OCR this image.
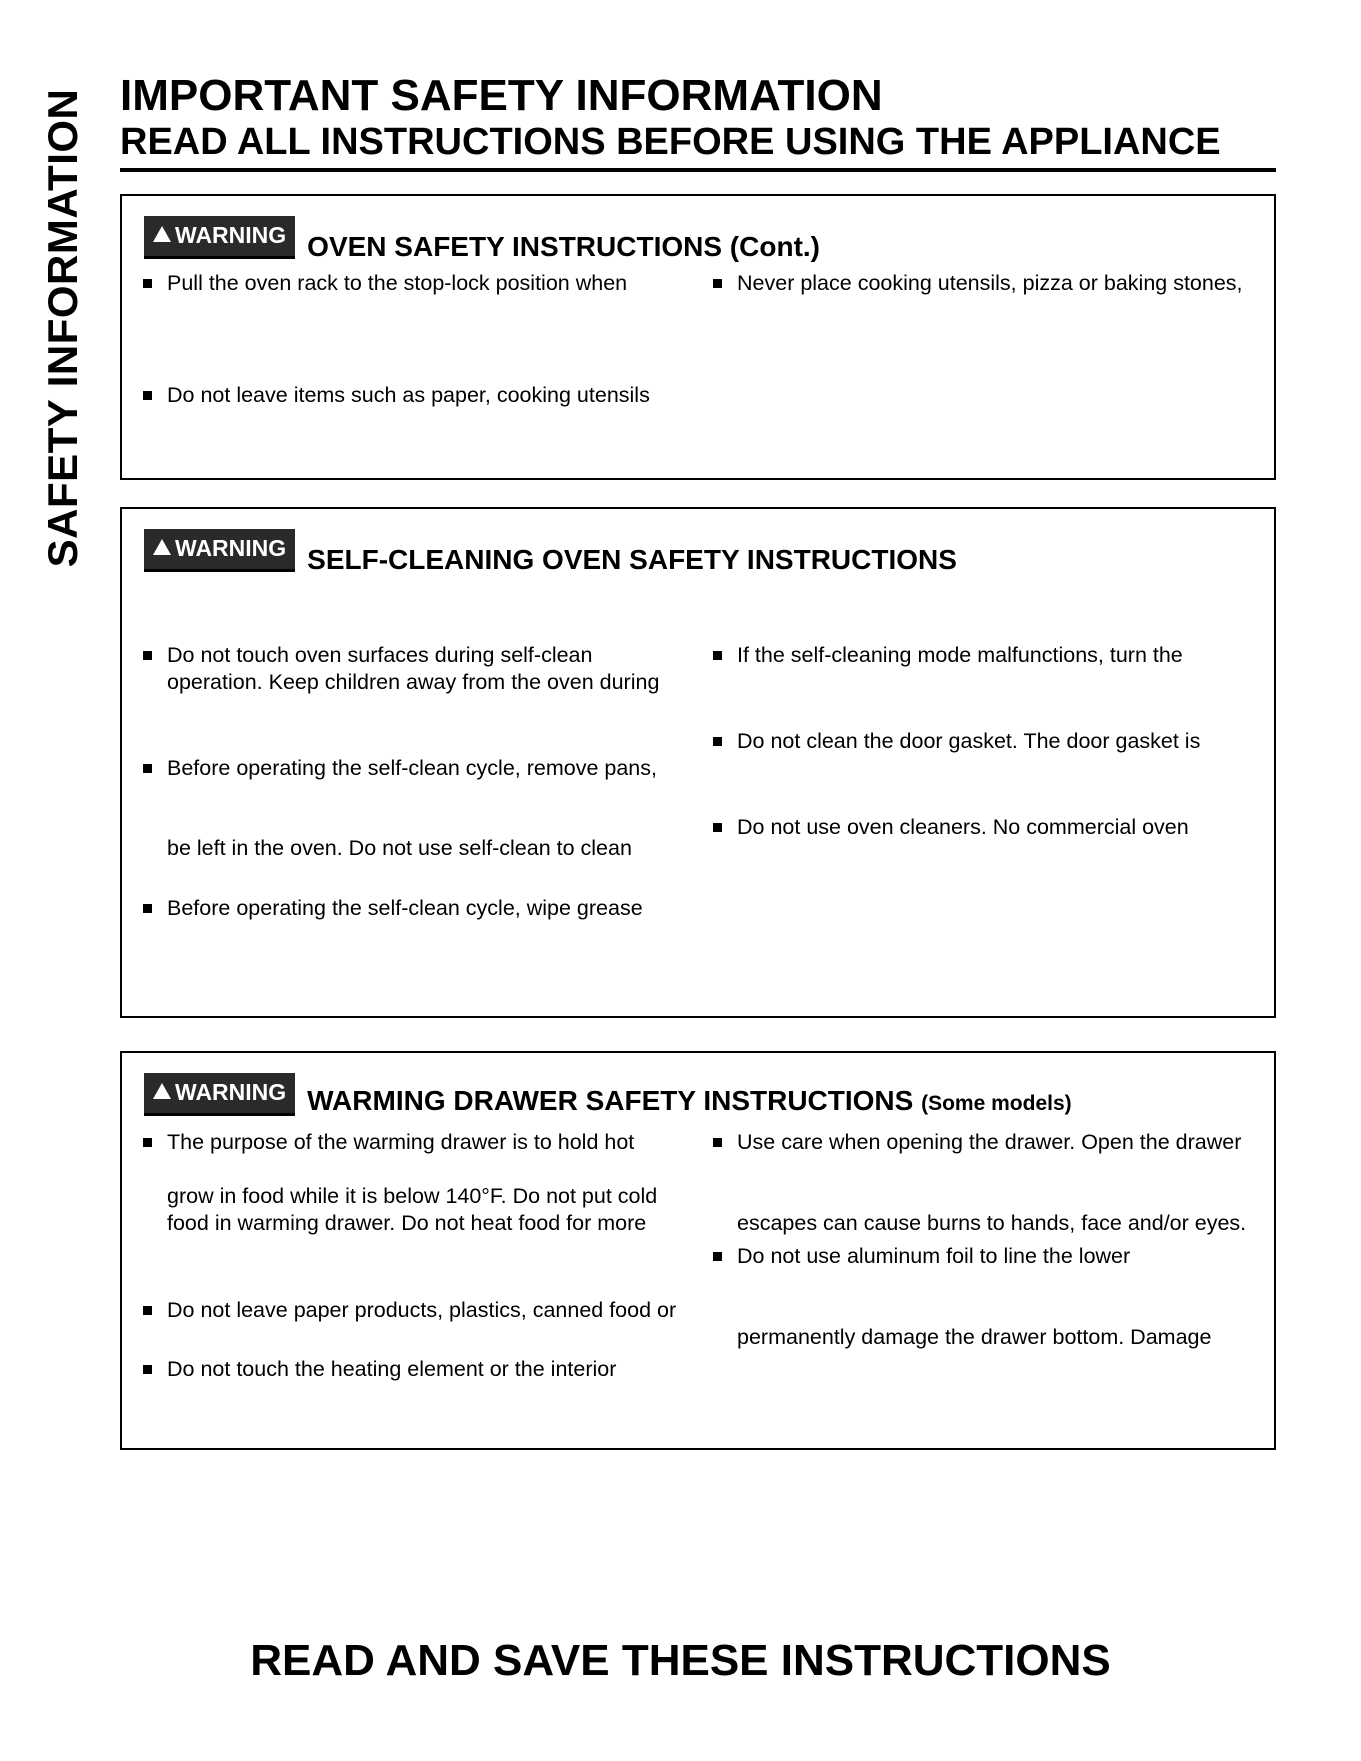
SAFETY INFORMATION IMPORTANT SAFETY INFORMATION

READ ALL INSTRUCTIONS BEFORE USING THE APPLIANCE

WARNING OVEN SAFETY INSTRUCTIONS (Cont.)
Pull the oven rack to the stop-lock position when
Do not leave items such as paper, cooking utensils
Never place cooking utensils, pizza or baking stones,
WARNING SELF-CLEANING OVEN SAFETY INSTRUCTIONS
Do not touch oven surfaces during self-clean
operation. Keep children away from the oven during
Before operating the self-clean cycle, remove pans,
be left in the oven. Do not use self-clean to clean
Before operating the self-clean cycle, wipe grease
If the self-cleaning mode malfunctions, turn the
Do not clean the door gasket. The door gasket is
Do not use oven cleaners. No commercial oven
WARNING WARMING DRAWER SAFETY INSTRUCTIONS (Some models)
The purpose of the warming drawer is to hold hot
grow in food while it is below 140°F. Do not put cold
food in warming drawer. Do not heat food for more
Do not leave paper products, plastics, canned food or
Do not touch the heating element or the interior
Use care when opening the drawer. Open the drawer
escapes can cause burns to hands, face and/or eyes.
Do not use aluminum foil to line the lower
permanently damage the drawer bottom. Damage
READ AND SAVE THESE INSTRUCTIONS
